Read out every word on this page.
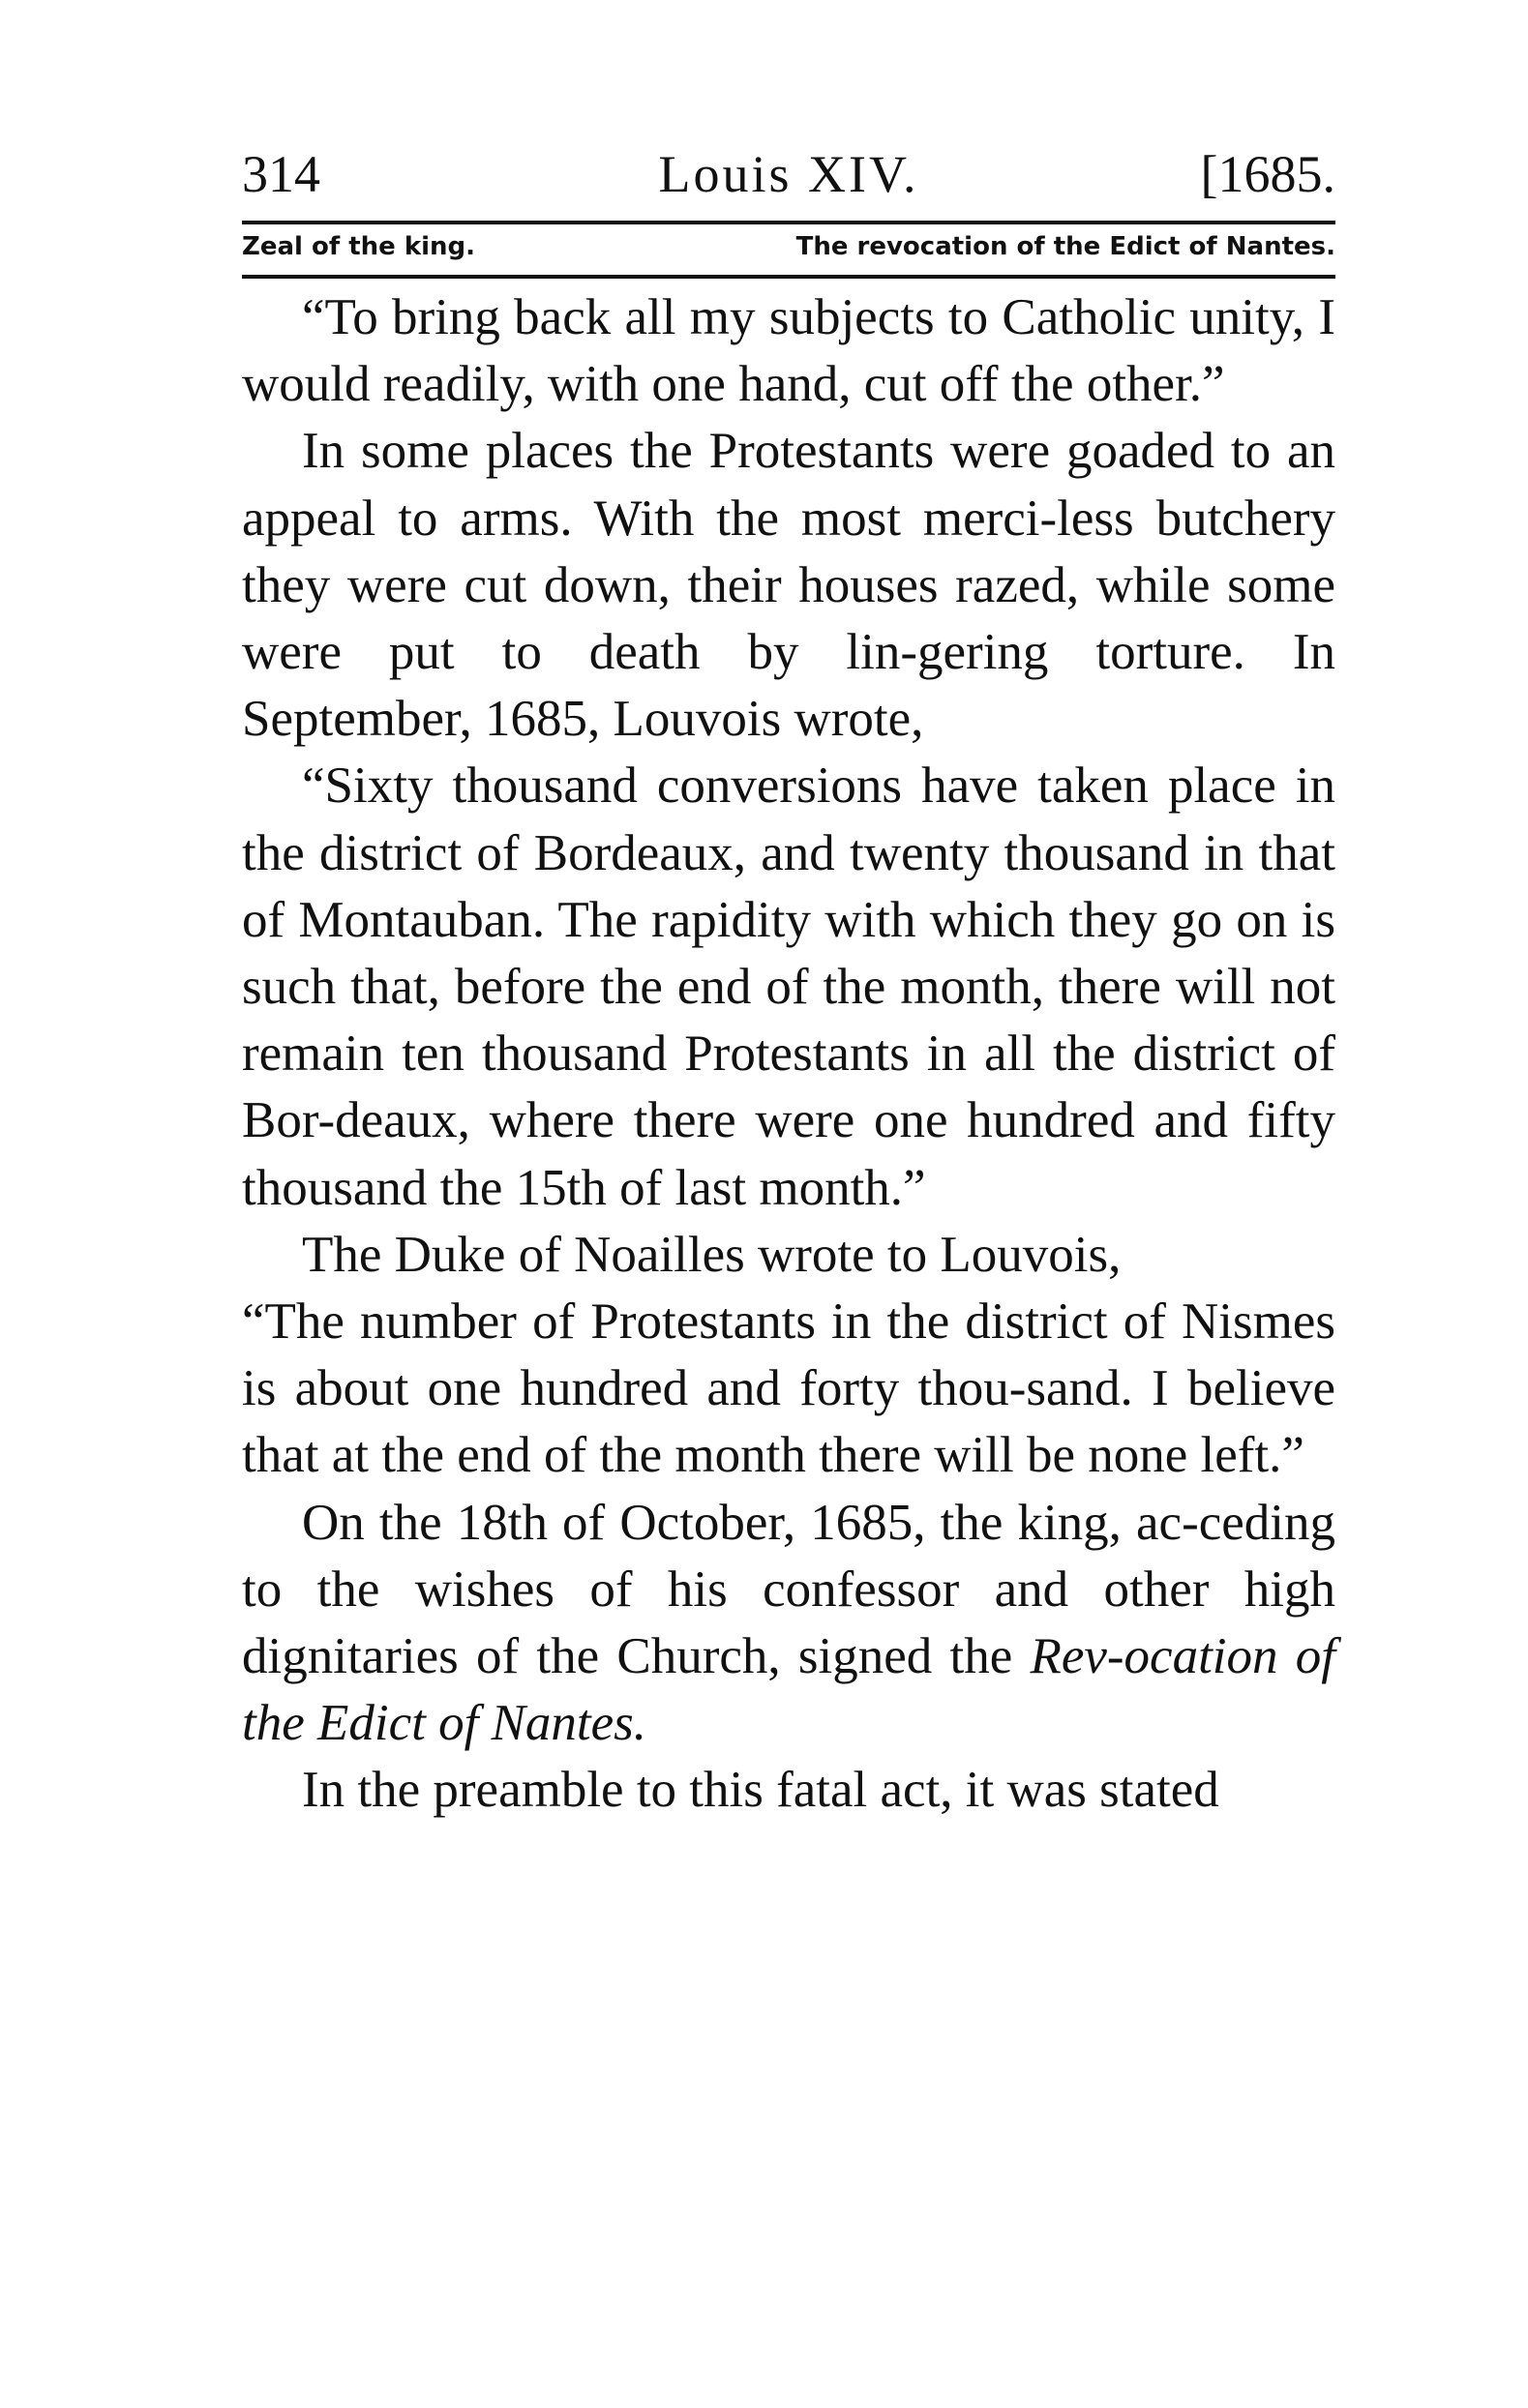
314	Louis XIV.	[1685.
Zeal of the king.	The revocation of the Edict of Nantes.

“To bring back all my subjects to Catholic unity, I would readily, with one hand, cut off the other.”

In some places the Protestants were goaded to an appeal to arms. With the most merci-less butchery they were cut down, their houses razed, while some were put to death by lin-gering torture. In September, 1685, Louvois wrote,

“Sixty thousand conversions have taken place in the district of Bordeaux, and twenty thousand in that of Montauban. The rapidity with which they go on is such that, before the end of the month, there will not remain ten thousand Protestants in all the district of Bor-deaux, where there were one hundred and fifty thousand the 15th of last month.”

The Duke of Noailles wrote to Louvois,

“The number of Protestants in the district of Nismes is about one hundred and forty thou-sand. I believe that at the end of the month there will be none left.”

On the 18th of October, 1685, the king, ac-ceding to the wishes of his confessor and other high dignitaries of the Church, signed the Rev-ocation of the Edict of Nantes.

In the preamble to this fatal act, it was stated
